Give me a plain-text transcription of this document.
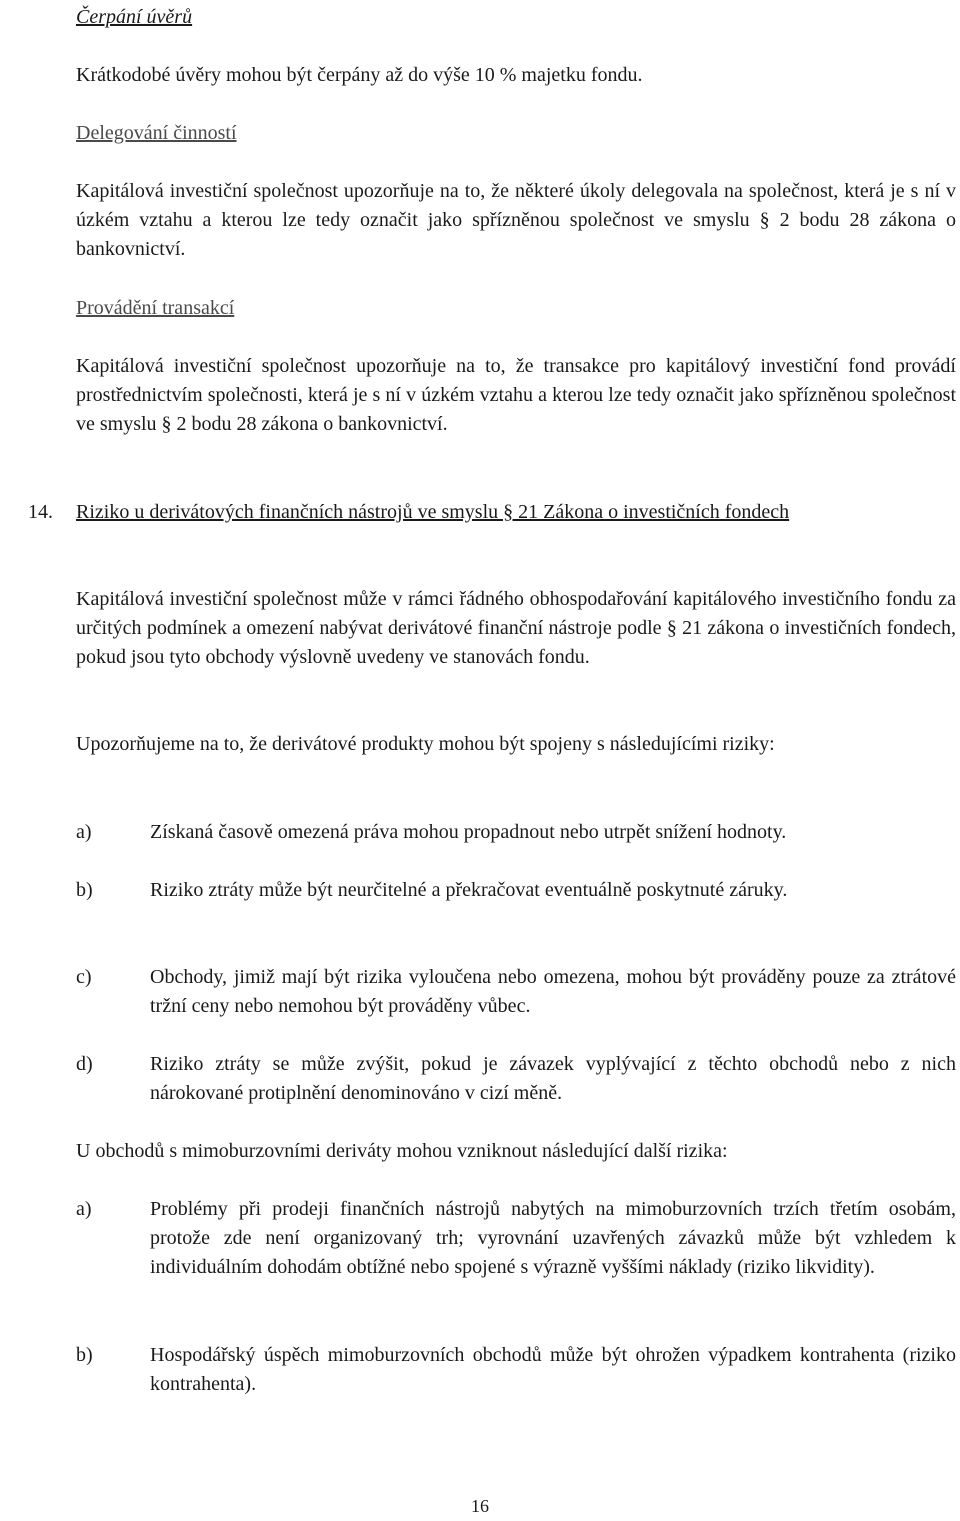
Čerpání úvěrů

Krátkodobé úvěry mohou být čerpány až do výše 10 % majetku fondu.

Delegování činností

Kapitálová investiční společnost upozorňuje na to, že některé úkoly delegovala na společnost, která je s ní v úzkém vztahu a kterou lze tedy označit jako spřízněnou společnost ve smyslu § 2 bodu 28 zákona o bankovnictví.

Provádění transakcí

Kapitálová investiční společnost upozorňuje na to, že transakce pro kapitálový investiční fond provádí prostřednictvím společnosti, která je s ní v úzkém vztahu a kterou lze tedy označit jako spřízněnou společnost ve smyslu § 2 bodu 28 zákona o bankovnictví.

14. Riziko u derivátových finančních nástrojů ve smyslu § 21 Zákona o investičních fondech

Kapitálová investiční společnost může v rámci řádného obhospodařování kapitálového investičního fondu za určitých podmínek a omezení nabývat derivátové finanční nástroje podle § 21 zákona o investičních fondech, pokud jsou tyto obchody výslovně uvedeny ve stanovách fondu.

Upozorňujeme na to, že derivátové produkty mohou být spojeny s následujícími riziky:

a)	Získaná časově omezená práva mohou propadnout nebo utrpět snížení hodnoty.

b)	Riziko ztráty může být neurčitelné a překračovat eventuálně poskytnuté záruky.

c)	Obchody, jimiž mají být rizika vyloučena nebo omezena, mohou být prováděny pouze za ztrátové tržní ceny nebo nemohou být prováděny vůbec.

d)	Riziko ztráty se může zvýšit, pokud je závazek vyplývající z těchto obchodů nebo z nich nárokované protiplnění denominováno v cizí měně.

U obchodů s mimoburzovními deriváty mohou vzniknout následující další rizika:

a)	Problémy při prodeji finančních nástrojů nabytých na mimoburzovních trzích třetím osobám, protože zde není organizovaný trh; vyrovnání uzavřených závazků může být vzhledem k individuálním dohodám obtížné nebo spojené s výrazně vyššími náklady (riziko likvidity).

b)	Hospodářský úspěch mimoburzovních obchodů může být ohrožen výpadkem kontrahenta (riziko kontrahenta).

16
